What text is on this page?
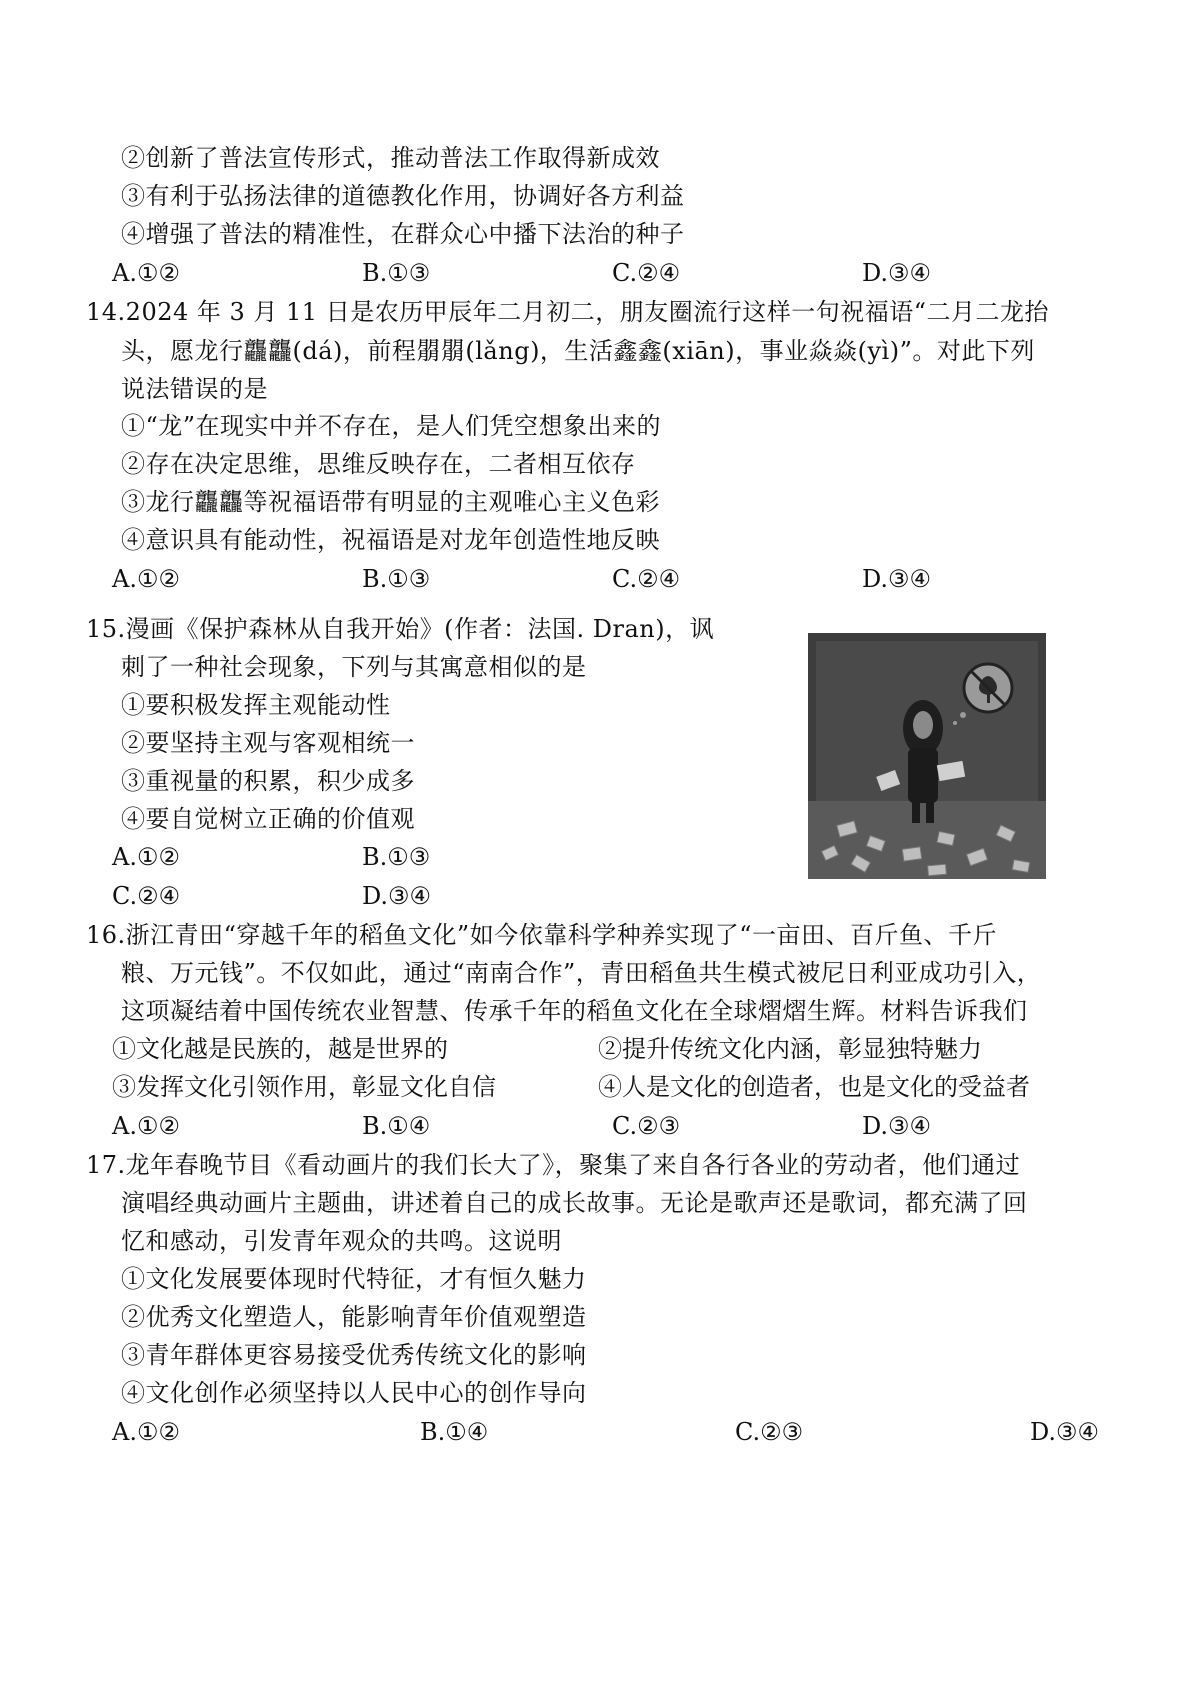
②创新了普法宣传形式，推动普法工作取得新成效
③有利于弘扬法律的道德教化作用，协调好各方利益
④增强了普法的精准性，在群众心中播下法治的种子
A.①②	B.①③	C.②④	D.③④
14.2024 年 3 月 11 日是农历甲辰年二月初二，朋友圈流行这样一句祝福语“二月二龙抬
头，愿龙行龘龘(dá)，前程朤朤(lǎng)，生活鑫鑫(xiān)，事业焱焱(yì)”。对此下列
说法错误的是
①“龙”在现实中并不存在，是人们凭空想象出来的
②存在决定思维，思维反映存在，二者相互依存
③龙行龘龘等祝福语带有明显的主观唯心主义色彩
④意识具有能动性，祝福语是对龙年创造性地反映
A.①②	B.①③	C.②④	D.③④
15.漫画《保护森林从自我开始》(作者：法国. Dran)，讽
刺了一种社会现象，下列与其寓意相似的是
①要积极发挥主观能动性
②要坚持主观与客观相统一
③重视量的积累，积少成多
④要自觉树立正确的价值观
A.①②	B.①③
C.②④	D.③④
16.浙江青田“穿越千年的稻鱼文化”如今依靠科学种养实现了“一亩田、百斤鱼、千斤
粮、万元钱”。不仅如此，通过“南南合作”，青田稻鱼共生模式被尼日利亚成功引入，
这项凝结着中国传统农业智慧、传承千年的稻鱼文化在全球熠熠生辉。材料告诉我们
①文化越是民族的，越是世界的	②提升传统文化内涵，彰显独特魅力
③发挥文化引领作用，彰显文化自信	④人是文化的创造者，也是文化的受益者
A.①②	B.①④	C.②③	D.③④
17.龙年春晚节目《看动画片的我们长大了》，聚集了来自各行各业的劳动者，他们通过
演唱经典动画片主题曲，讲述着自己的成长故事。无论是歌声还是歌词，都充满了回
忆和感动，引发青年观众的共鸣。这说明
①文化发展要体现时代特征，才有恒久魅力
②优秀文化塑造人，能影响青年价值观塑造
③青年群体更容易接受优秀传统文化的影响
④文化创作必须坚持以人民中心的创作导向
A.①②	B.①④	C.②③	D.③④
